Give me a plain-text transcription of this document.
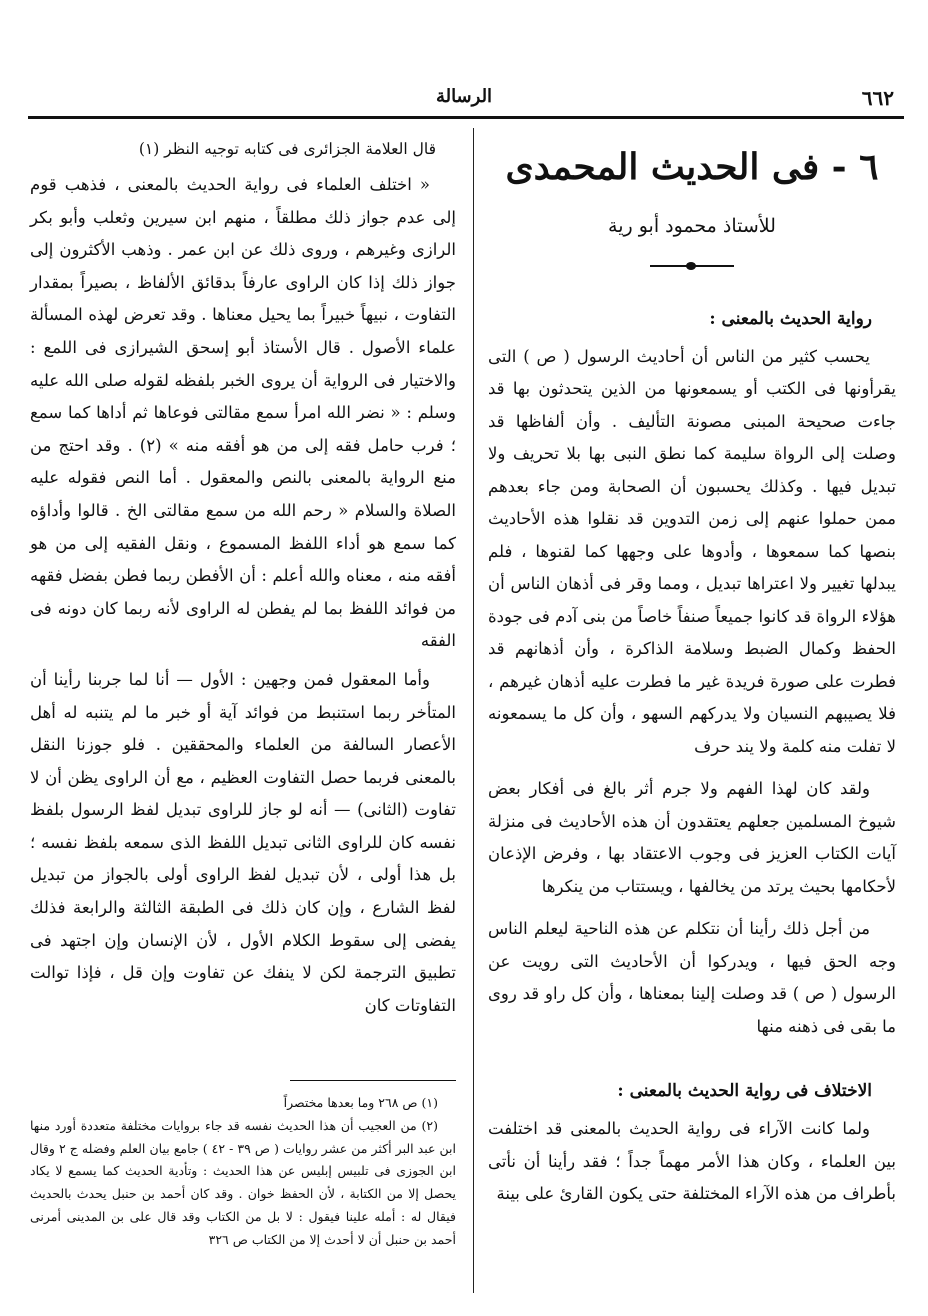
٦٦٢
الرسالة
٦ - فى الحديث المحمدى
للأستاذ محمود أبو رية
رواية الحديث بالمعنى :

يحسب كثير من الناس أن أحاديث الرسول ( ص ) التى يقرأونها فى الكتب أو يسمعونها من الذين يتحدثون بها قد جاءت صحيحة المبنى مصونة التأليف . وأن ألفاظها قد وصلت إلى الرواة سليمة كما نطق النبى بها بلا تحريف ولا تبديل فيها . وكذلك يحسبون أن الصحابة ومن جاء بعدهم ممن حملوا عنهم إلى زمن التدوين قد نقلوا هذه الأحاديث بنصها كما سمعوها ، وأدوها على وجهها كما لقنوها ، فلم يبدلها تغيير ولا اعتراها تبديل ، ومما وقر فى أذهان الناس أن هؤلاء الرواة قد كانوا جميعاً صنفاً خاصاً من بنى آدم فى جودة الحفظ وكمال الضبط وسلامة الذاكرة ، وأن أذهانهم قد فطرت على صورة فريدة غير ما فطرت عليه أذهان غيرهم ، فلا يصيبهم النسيان ولا يدركهم السهو ، وأن كل ما يسمعونه لا تفلت منه كلمة ولا يند حرف

ولقد كان لهذا الفهم ولا جرم أثر بالغ فى أفكار بعض شيوخ المسلمين جعلهم يعتقدون أن هذه الأحاديث فى منزلة آيات الكتاب العزيز فى وجوب الاعتقاد بها ، وفرض الإذعان لأحكامها بحيث يرتد من يخالفها ، ويستتاب من ينكرها

من أجل ذلك رأينا أن نتكلم عن هذه الناحية ليعلم الناس وجه الحق فيها ، ويدركوا أن الأحاديث التى رويت عن الرسول ( ص ) قد وصلت إلينا بمعناها ، وأن كل راو قد روى ما بقى فى ذهنه منها

الاختلاف فى رواية الحديث بالمعنى :

ولما كانت الآراء فى رواية الحديث بالمعنى قد اختلفت بين العلماء ، وكان هذا الأمر مهماً جداً ؛ فقد رأينا أن نأتى بأطراف من هذه الآراء المختلفة حتى يكون القارئ على بينة

قال العلامة الجزائرى فى كتابه توجيه النظر (١)

« اختلف العلماء فى رواية الحديث بالمعنى ، فذهب قوم إلى عدم جواز ذلك مطلقاً ، منهم ابن سيرين وثعلب وأبو بكر الرازى وغيرهم ، وروى ذلك عن ابن عمر . وذهب الأكثرون إلى جواز ذلك إذا كان الراوى عارفاً بدقائق الألفاظ ، بصيراً بمقدار التفاوت ، نبيهاً خبيراً بما يحيل معناها . وقد تعرض لهذه المسألة علماء الأصول . قال الأستاذ أبو إسحق الشيرازى فى اللمع : والاختيار فى الرواية أن يروى الخبر بلفظه لقوله صلى الله عليه وسلم : « نضر الله امرأ سمع مقالتى فوعاها ثم أداها كما سمع ؛ فرب حامل فقه إلى من هو أفقه منه » (٢) . وقد احتج من منع الرواية بالمعنى بالنص والمعقول . أما النص فقوله عليه الصلاة والسلام « رحم الله من سمع مقالتى الخ . قالوا وأداؤه كما سمع هو أداء اللفظ المسموع ، ونقل الفقيه إلى من هو أفقه منه ، معناه والله أعلم : أن الأفطن ربما فطن بفضل فقهه من فوائد اللفظ بما لم يفطن له الراوى لأنه ربما كان دونه فى الفقه

وأما المعقول فمن وجهين : الأول — أنا لما جربنا رأينا أن المتأخر ربما استنبط من فوائد آية أو خبر ما لم يتنبه له أهل الأعصار السالفة من العلماء والمحققين . فلو جوزنا النقل بالمعنى فربما حصل التفاوت العظيم ، مع أن الراوى يظن أن لا تفاوت (الثانى) — أنه لو جاز للراوى تبديل لفظ الرسول بلفظ نفسه كان للراوى الثانى تبديل اللفظ الذى سمعه بلفظ نفسه ؛ بل هذا أولى ، لأن تبديل لفظ الراوى أولى بالجواز من تبديل لفظ الشارع ، وإن كان ذلك فى الطبقة الثالثة والرابعة فذلك يفضى إلى سقوط الكلام الأول ، لأن الإنسان وإن اجتهد فى تطبيق الترجمة لكن لا ينفك عن تفاوت وإن قل ، فإذا توالت التفاوتات كان

(١) ص ٢٦٨ وما بعدها مختصراً

(٢) من العجيب أن هذا الحديث نفسه قد جاء بروايات مختلفة متعددة أورد منها ابن عبد البر أكثر من عشر روايات ( ص ٣٩ - ٤٢ ) جامع بيان العلم وفضله ج ٢ وقال ابن الجوزى فى تلبيس إبليس عن هذا الحديث : وتأدية الحديث كما يسمع لا يكاد يحصل إلا من الكتابة ، لأن الحفظ خوان . وقد كان أحمد بن حنبل يحدث بالحديث فيقال له : أمله علينا فيقول : لا بل من الكتاب وقد قال على بن المدينى أمرنى أحمد بن حنبل أن لا أحدث إلا من الكتاب ص ٣٢٦
